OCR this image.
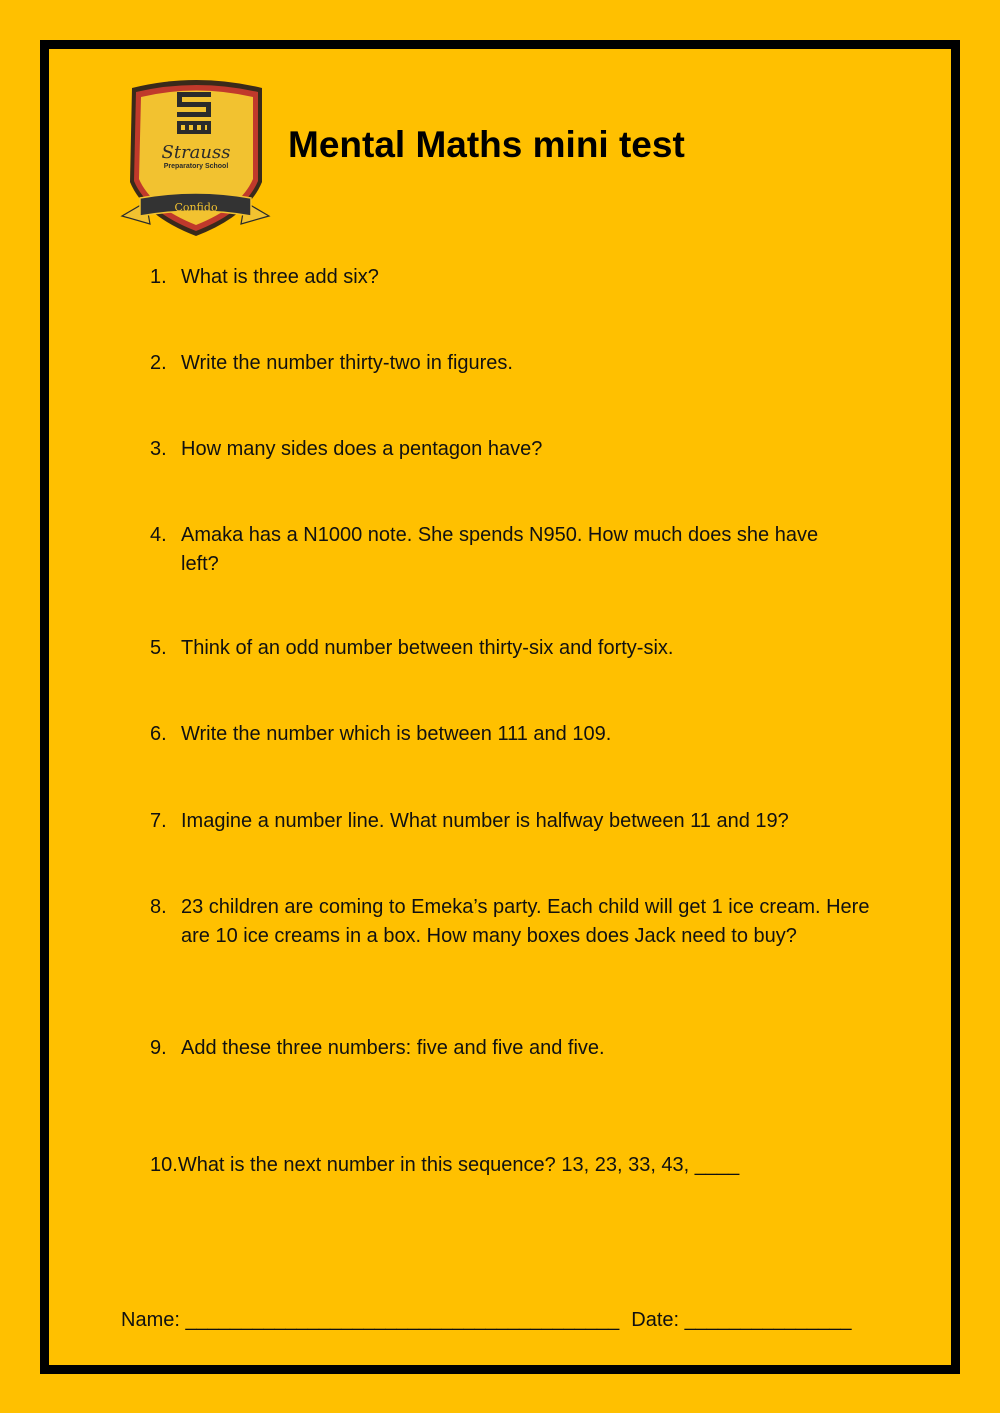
Strauss
Preparatory School
Confido
Mental Maths mini test
1. What is three add six?
2. Write the number thirty-two in figures.
3. How many sides does a pentagon have?
4. Amaka has a N1000 note. She spends N950. How much does she have left?
5. Think of an odd number between thirty-six and forty-six.
6. Write the number which is between 111 and 109.
7. Imagine a number line. What number is halfway between 11 and 19?
8. 23 children are coming to Emeka’s party. Each child will get 1 ice cream. Here are 10 ice creams in a box. How many boxes does Jack need to buy?
9. Add these three numbers: five and five and five.
10. What is the next number in this sequence? 13, 23, 33, 43, ____
Name: _______________________________________ Date: _______________
